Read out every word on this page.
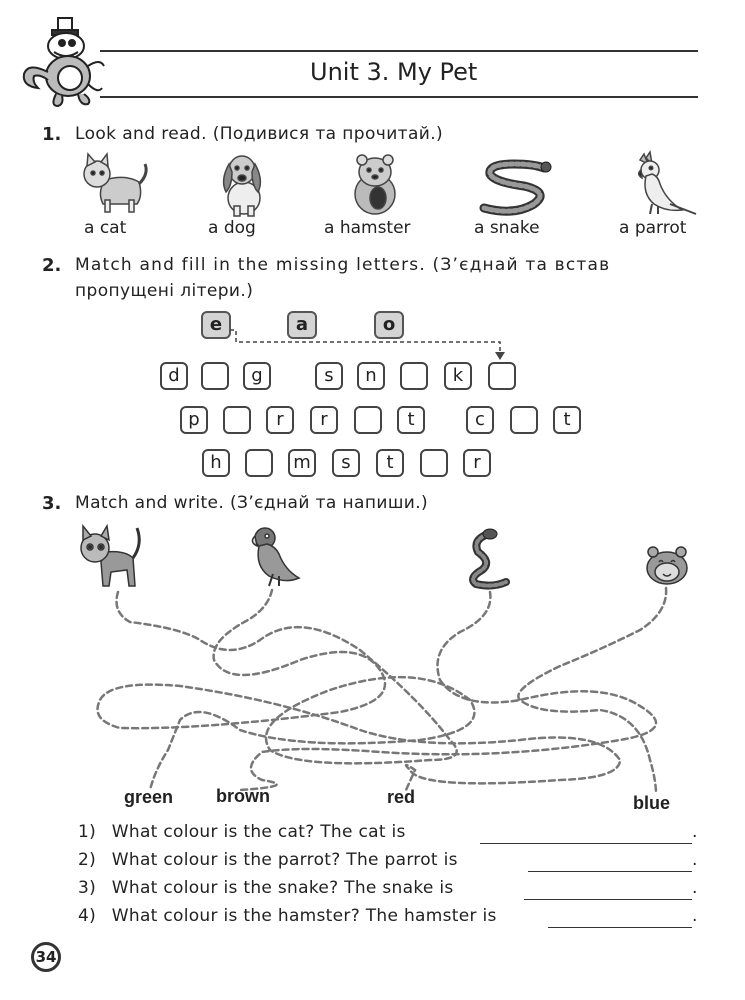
Unit 3. My Pet
1. Look and read. (Подивися та прочитай.)
a cat	a dog	a hamster	a snake	a parrot
2. Match and fill in the missing letters. (З’єднай та встав
пропущені літери.)
e	a	o
d	g	s	n	k
p	r	r	t	c	t
h	m	s	t	r
3. Match and write. (З’єднай та напиши.)
green brown	red	blue
1) What colour is the cat? The cat is	.
2) What colour is the parrot? The parrot is	.
3) What colour is the snake? The snake is	.
4) What colour is the hamster? The hamster is	.
34
